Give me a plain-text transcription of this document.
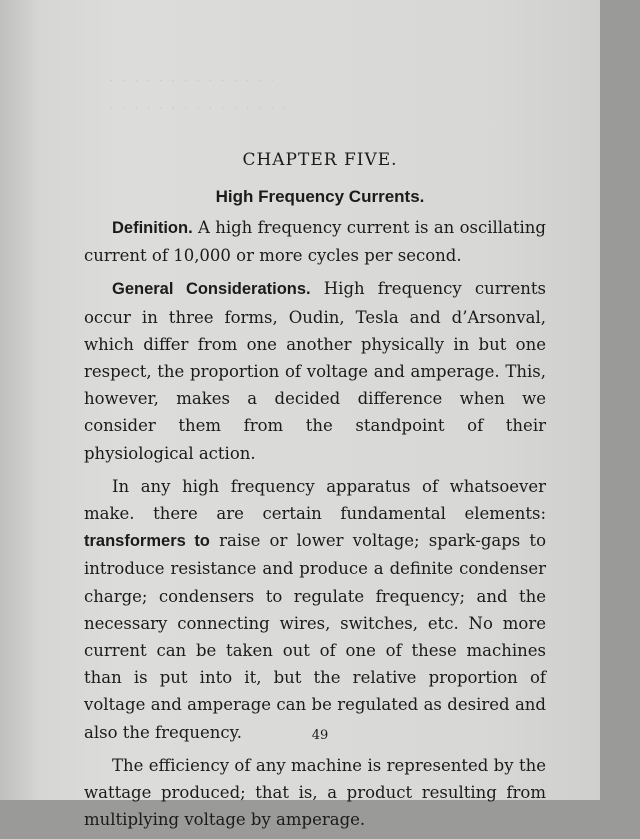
· · · · · · · · · · · · · ·
· · · · · · · · · · · · · · ·
CHAPTER FIVE.
High Frequency Currents.

Definition. A high frequency current is an oscillating current of 10,000 or more cycles per second.

General Considerations. High frequency currents occur in three forms, Oudin, Tesla and d’Arsonval, which differ from one another physically in but one respect, the proportion of voltage and amperage. This, however, makes a decided difference when we consider them from the standpoint of their physiological action.

In any high frequency apparatus of whatsoever make. there are certain fundamental elements: transformers to raise or lower voltage; spark-gaps to introduce resistance and produce a definite condenser charge; condensers to regulate frequency; and the necessary connecting wires, switches, etc. No more current can be taken out of one of these machines than is put into it, but the relative proportion of voltage and amperage can be regulated as desired and also the frequency.

The efficiency of any machine is represented by the wattage produced; that is, a product resulting from multiplying voltage by amperage.

49
